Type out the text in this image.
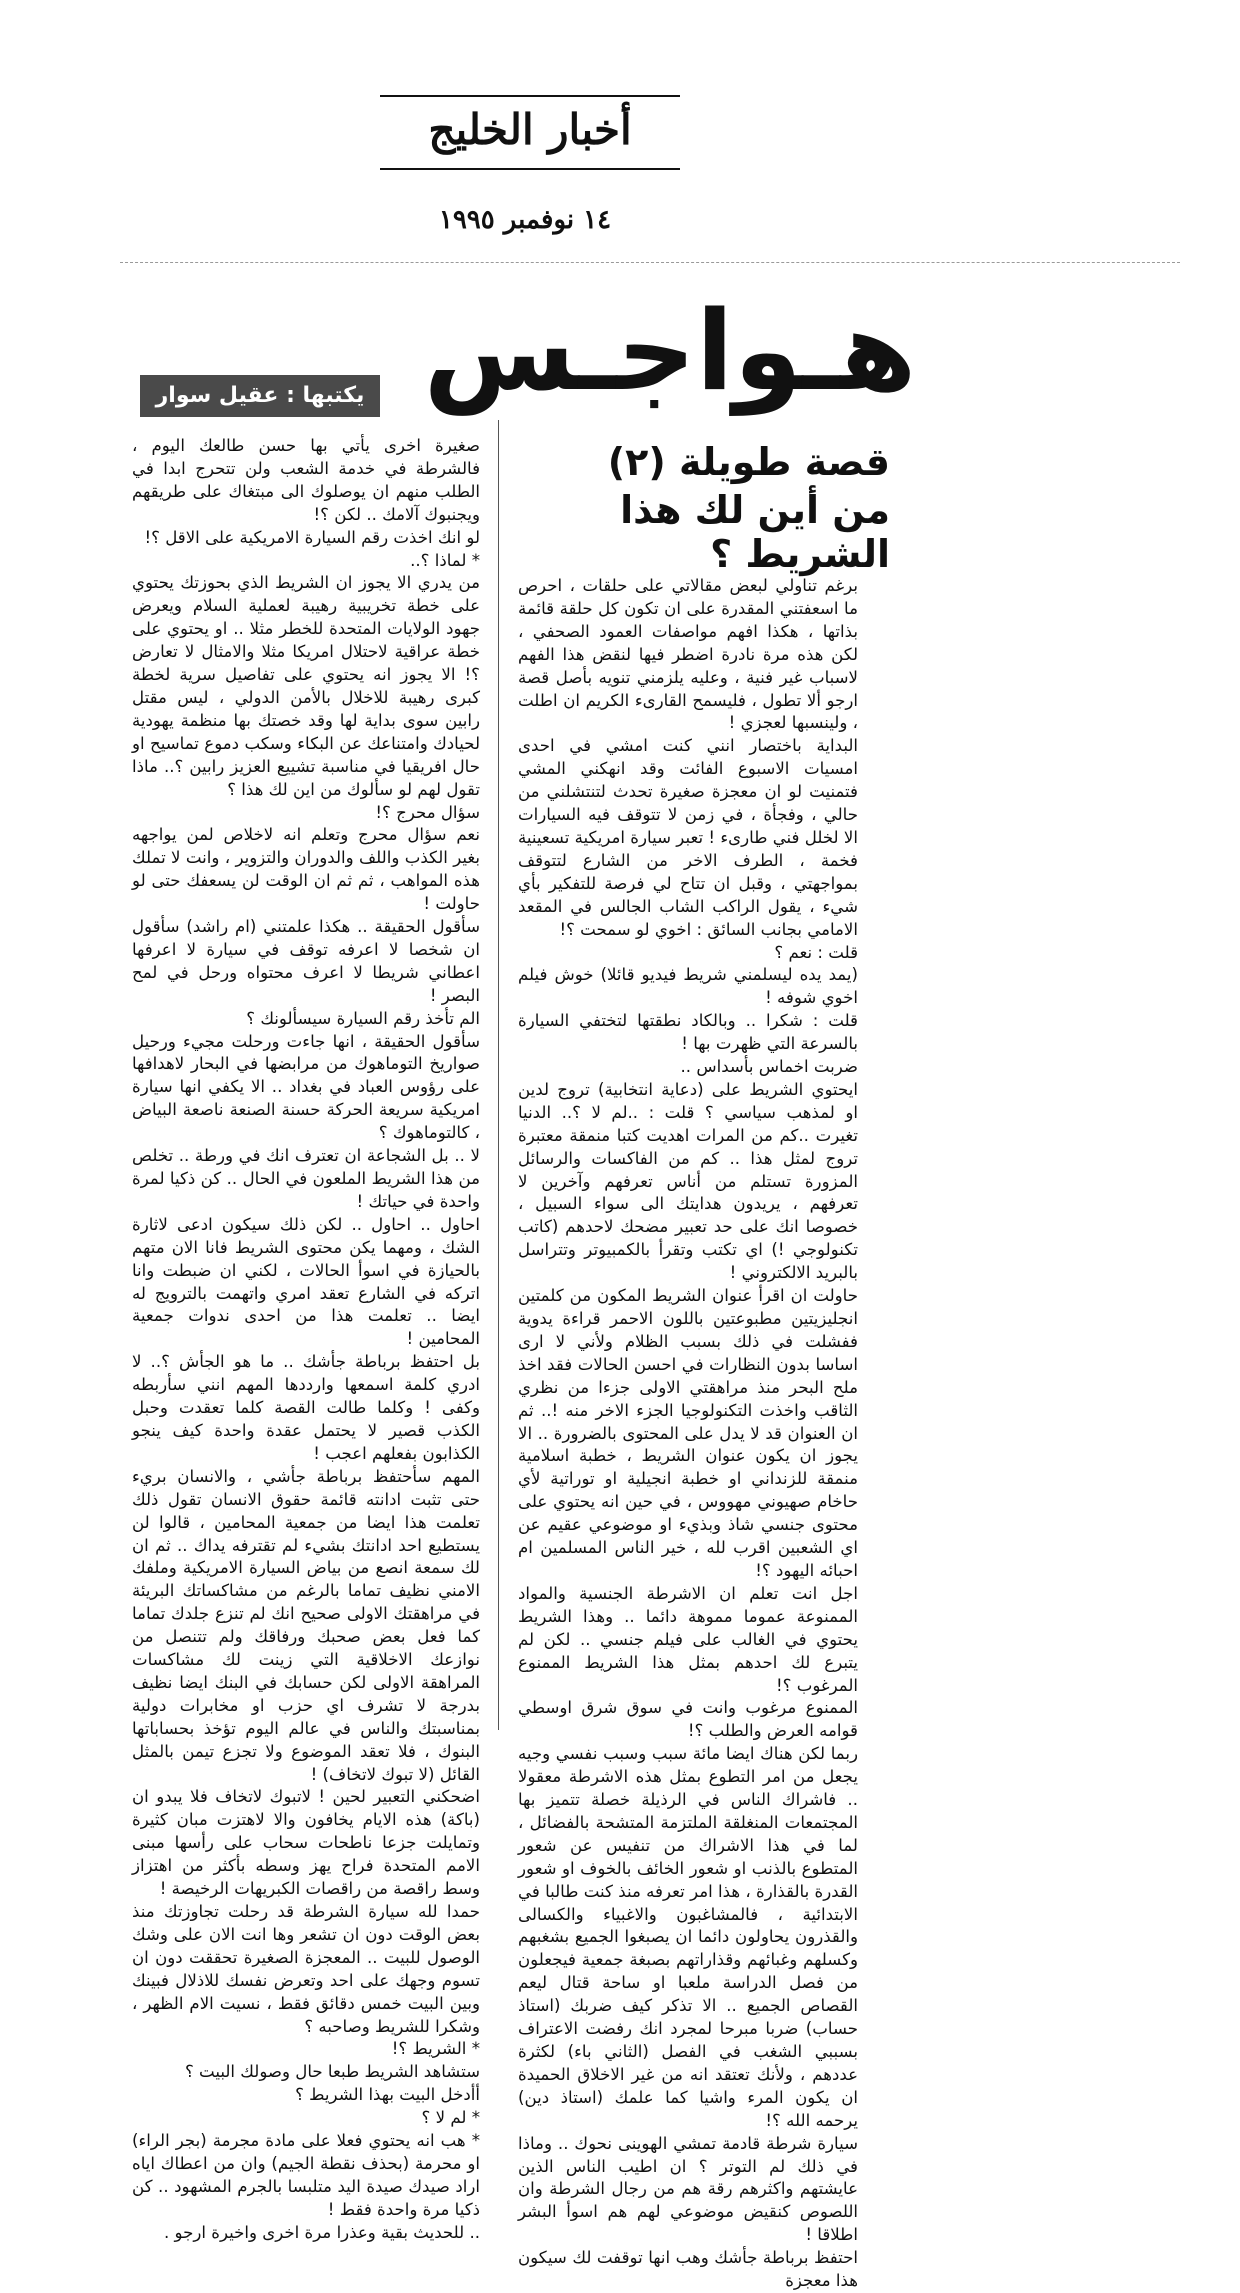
أخبار الخليج
١٤ نوفمبر ١٩٩٥
هـواجـس
يكتبها : عقيل سوار
قصة طويلة (٢)
من أين لك هذا الشريط ؟
برغم تناولي لبعض مقالاتي على حلقات ، احرص ما اسعفتني المقدرة على ان تكون كل حلقة قائمة بذاتها ، هكذا افهم مواصفات العمود الصحفي ، لكن هذه مرة نادرة اضطر فيها لنقض هذا الفهم لاسباب غير فنية ، وعليه يلزمني تنويه بأصل قصة ارجو ألا تطول ، فليسمح القارىء الكريم ان اطلت ، ولينسبها لعجزي !
البداية باختصار انني كنت امشي في احدى امسيات الاسبوع الفائت وقد انهكني المشي فتمنيت لو ان معجزة صغيرة تحدث لتنتشلني من حالي ، وفجأة ، في زمن لا تتوقف فيه السيارات الا لخلل فني طارىء ! تعبر سيارة امريكية تسعينية فخمة ، الطرف الاخر من الشارع لتتوقف بمواجهتي ، وقبل ان تتاح لي فرصة للتفكير بأي شيء ، يقول الراكب الشاب الجالس في المقعد الامامي بجانب السائق : اخوي لو سمحت ؟!
قلت : نعم ؟
(يمد يده ليسلمني شريط فيديو قائلا) خوش فيلم اخوي شوفه !
قلت : شكرا .. وبالكاد نطقتها لتختفي السيارة بالسرعة التي ظهرت بها !
ضربت اخماس بأسداس ..
ايحتوي الشريط على (دعاية انتخابية) تروج لدين او لمذهب سياسي ؟ قلت : ..لم لا ؟.. الدنيا تغيرت ..كم من المرات اهديت كتبا منمقة معتبرة تروج لمثل هذا .. كم من الفاكسات والرسائل المزورة تستلم من أناس تعرفهم وآخرين لا تعرفهم ، يريدون هدايتك الى سواء السبيل ، خصوصا انك على حد تعبير مضحك لاحدهم (كاتب تكنولوجي !) اي تكتب وتقرأ بالكمبيوتر وتتراسل بالبريد الالكتروني !
حاولت ان اقرأ عنوان الشريط المكون من كلمتين انجليزيتين مطبوعتين باللون الاحمر قراءة يدوية ففشلت في ذلك بسبب الظلام ولأني لا ارى اساسا بدون النظارات في احسن الحالات فقد اخذ ملح البحر منذ مراهقتي الاولى جزءا من نظري الثاقب واخذت التكنولوجيا الجزء الاخر منه !.. ثم ان العنوان قد لا يدل على المحتوى بالضرورة .. الا يجوز ان يكون عنوان الشريط ، خطبة اسلامية منمقة للزنداني او خطبة انجيلية او توراتية لأي حاخام صهيوني مهووس ، في حين انه يحتوي على محتوى جنسي شاذ وبذيء او موضوعي عقيم عن اي الشعبين اقرب لله ، خير الناس المسلمين ام احبائه اليهود ؟!
اجل انت تعلم ان الاشرطة الجنسية والمواد الممنوعة عموما مموهة دائما .. وهذا الشريط يحتوي في الغالب على فيلم جنسي .. لكن لم يتبرع لك احدهم بمثل هذا الشريط الممنوع المرغوب ؟!
الممنوع مرغوب وانت في سوق شرق اوسطي قوامه العرض والطلب ؟!
ربما لكن هناك ايضا مائة سبب وسبب نفسي وجيه يجعل من امر التطوع بمثل هذه الاشرطة معقولا .. فاشراك الناس في الرذيلة خصلة تتميز بها المجتمعات المنغلقة الملتزمة المتشحة بالفضائل ، لما في هذا الاشراك من تنفيس عن شعور المتطوع بالذنب او شعور الخائف بالخوف او شعور القدرة بالقذارة ، هذا امر تعرفه منذ كنت طالبا في الابتدائية ، فالمشاغبون والاغبياء والكسالى والقذرون يحاولون دائما ان يصبغوا الجميع بشغبهم وكسلهم وغبائهم وقذاراتهم بصبغة جمعية فيجعلون من فصل الدراسة ملعبا او ساحة قتال ليعم القصاص الجميع .. الا تذكر كيف ضربك (استاذ حساب) ضربا مبرحا لمجرد انك رفضت الاعتراف بسببي الشغب في الفصل (الثاني باء) لكثرة عددهم ، ولأنك تعتقد انه من غير الاخلاق الحميدة ان يكون المرء واشيا كما علمك (استاذ دين) يرحمه الله ؟!
سيارة شرطة قادمة تمشي الهوينى نحوك .. وماذا في ذلك لم التوتر ؟ ان اطيب الناس الذين عايشتهم واكثرهم رقة هم من رجال الشرطة وان اللصوص كنقيض موضوعي لهم هم اسوأ البشر اطلاقا !
احتفظ برباطة جأشك وهب انها توقفت لك سيكون هذا معجزة
صغيرة اخرى يأتي بها حسن طالعك اليوم ، فالشرطة في خدمة الشعب ولن تتحرج ابدا في الطلب منهم ان يوصلوك الى مبتغاك على طريقهم ويجنبوك آلامك .. لكن ؟!
لو انك اخذت رقم السيارة الامريكية على الاقل ؟!
* لماذا ؟..
من يدري الا يجوز ان الشريط الذي بحوزتك يحتوي على خطة تخريبية رهيبة لعملية السلام ويعرض جهود الولايات المتحدة للخطر مثلا .. او يحتوي على خطة عراقية لاحتلال امريكا مثلا والامثال لا تعارض ؟! الا يجوز انه يحتوي على تفاصيل سرية لخطة كبرى رهيبة للاخلال بالأمن الدولي ، ليس مقتل رابين سوى بداية لها وقد خصتك بها منظمة يهودية لحيادك وامتناعك عن البكاء وسكب دموع تماسيح او حال افريقيا في مناسبة تشييع العزيز رابين ؟.. ماذا تقول لهم لو سألوك من اين لك هذا ؟
سؤال محرج ؟!
نعم سؤال محرج وتعلم انه لاخلاص لمن يواجهه بغير الكذب واللف والدوران والتزوير ، وانت لا تملك هذه المواهب ، ثم ثم ان الوقت لن يسعفك حتى لو حاولت !
سأقول الحقيقة .. هكذا علمتني (ام راشد) سأقول ان شخصا لا اعرفه توقف في سيارة لا اعرفها اعطاني شريطا لا اعرف محتواه ورحل في لمح البصر !
الم تأخذ رقم السيارة سيسألونك ؟
سأقول الحقيقة ، انها جاءت ورحلت مجيء ورحيل صواريخ التوماهوك من مرابضها في البحار لاهدافها على رؤوس العباد في بغداد .. الا يكفي انها سيارة امريكية سريعة الحركة حسنة الصنعة ناصعة البياض ، كالتوماهوك ؟
لا .. بل الشجاعة ان تعترف انك في ورطة .. تخلص من هذا الشريط الملعون في الحال .. كن ذكيا لمرة واحدة في حياتك !
احاول .. احاول .. لكن ذلك سيكون ادعى لاثارة الشك ، ومهما يكن محتوى الشريط فانا الان متهم بالحيازة في اسوأ الحالات ، لكني ان ضبطت وانا اتركه في الشارع تعقد امري واتهمت بالترويج له ايضا .. تعلمت هذا من احدى ندوات جمعية المحامين !
بل احتفظ برباطة جأشك .. ما هو الجأش ؟.. لا ادري كلمة اسمعها وارددها المهم انني سأربطه وكفى ! وكلما طالت القصة كلما تعقدت وحبل الكذب قصير لا يحتمل عقدة واحدة كيف ينجو الكذابون بفعلهم اعجب !
المهم سأحتفظ برباطة جأشي ، والانسان بريء حتى تثبت ادانته قائمة حقوق الانسان تقول ذلك تعلمت هذا ايضا من جمعية المحامين ، قالوا لن يستطيع احد ادانتك بشيء لم تقترفه يداك .. ثم ان لك سمعة انصع من بياض السيارة الامريكية وملفك الامني نظيف تماما بالرغم من مشاكساتك البريئة في مراهقتك الاولى صحيح انك لم تنزع جلدك تماما كما فعل بعض صحبك ورفاقك ولم تتنصل من نوازعك الاخلاقية التي زينت لك مشاكسات المراهقة الاولى لكن حسابك في البنك ايضا نظيف بدرجة لا تشرف اي حزب او مخابرات دولية بمناسبتك والناس في عالم اليوم تؤخذ بحساباتها البنوك ، فلا تعقد الموضوع ولا تجزع تيمن بالمثل القائل (لا تبوك لاتخاف) !
اضحكني التعبير لحين ! لاتبوك لاتخاف فلا يبدو ان (باكة) هذه الايام يخافون والا لاهتزت مبان كثيرة وتمايلت جزعا ناطحات سحاب على رأسها مبنى الامم المتحدة فراح يهز وسطه بأكثر من اهتزاز وسط راقصة من راقصات الكبريهات الرخيصة !
حمدا لله سيارة الشرطة قد رحلت تجاوزتك منذ بعض الوقت دون ان تشعر وها انت الان على وشك الوصول للبيت .. المعجزة الصغيرة تحققت دون ان تسوم وجهك على احد وتعرض نفسك للاذلال فبينك وبين البيت خمس دقائق فقط ، نسيت الام الظهر ، وشكرا للشريط وصاحبه ؟
* الشريط ؟!
ستشاهد الشريط طبعا حال وصولك البيت ؟
أأدخل البيت بهذا الشريط ؟
* لم لا ؟
* هب انه يحتوي فعلا على مادة مجرمة (بجر الراء) او محرمة (بحذف نقطة الجيم) وان من اعطاك اياه اراد صيدك صيدة اليد متلبسا بالجرم المشهود .. كن ذكيا مرة واحدة فقط !
.. للحديث بقية وعذرا مرة اخرى واخيرة ارجو .
